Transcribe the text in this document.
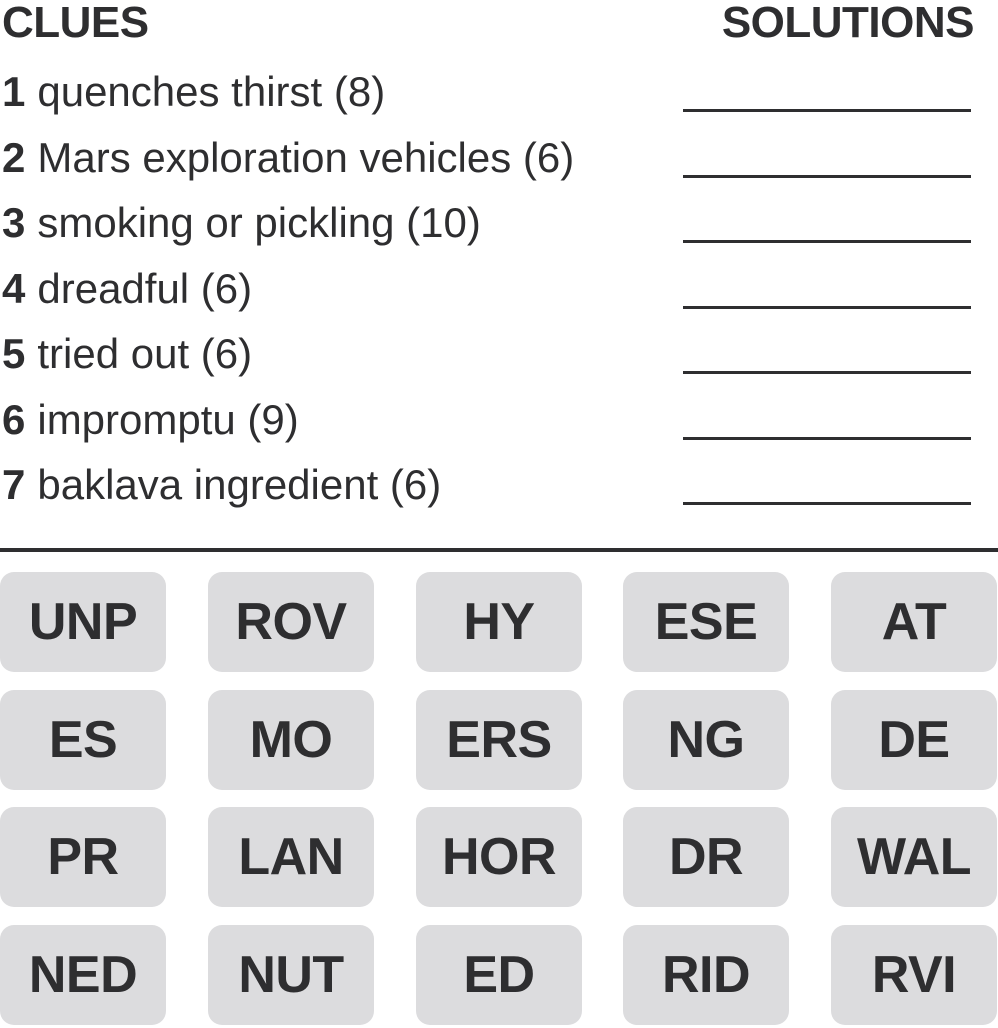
CLUES	SOLUTIONS
1 quenches thirst (8)
2 Mars exploration vehicles (6)
3 smoking or pickling (10)
4 dreadful (6)
5 tried out (6)
6 impromptu (9)
7 baklava ingredient (6)
UNP	ROV	HY	ESE	AT
ES	MO	ERS	NG	DE
PR	LAN	HOR	DR	WAL
NED	NUT	ED	RID	RVI
